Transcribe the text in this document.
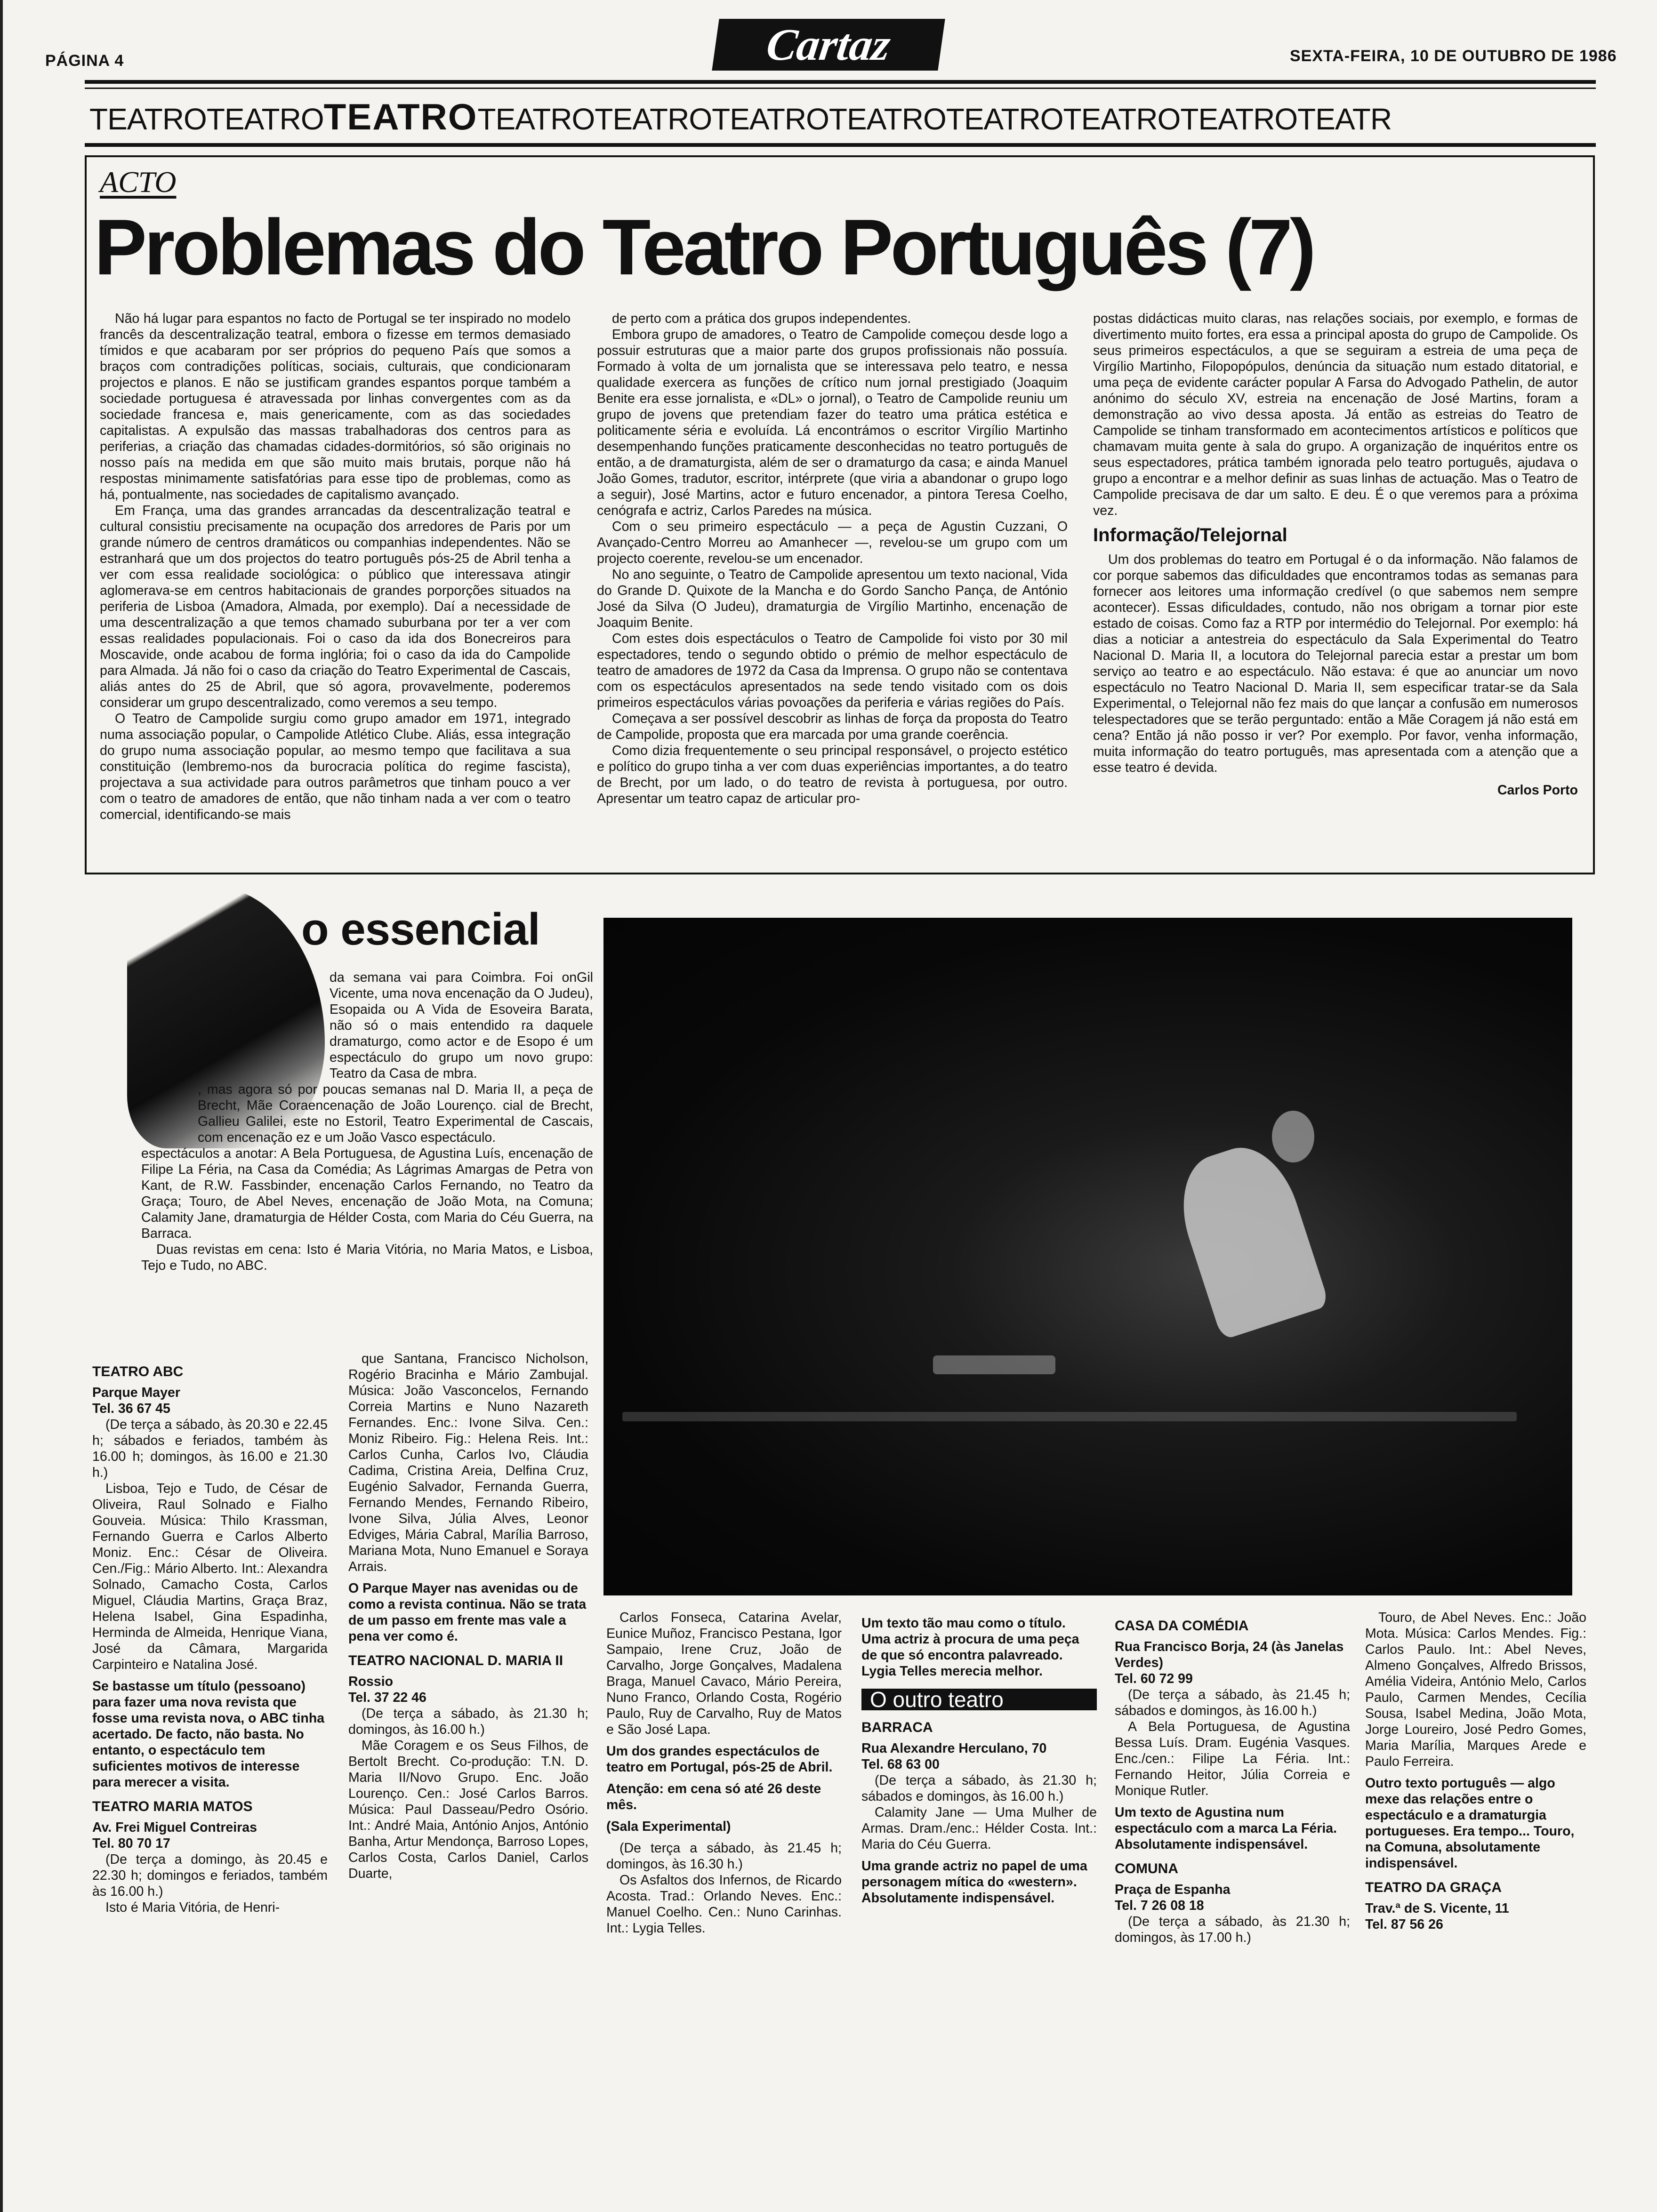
PÁGINA 4	Cartaz	SEXTA-FEIRA, 10 DE OUTUBRO DE 1986
TEATROTEATROTEATROTEATROTEATROTEATROTEATROTEATROTEATROTEATROTEATR
ACTO
Problemas do Teatro Português (7)

Não há lugar para espantos no facto de Portugal se ter inspirado no modelo francês da descentralização teatral, embora o fizesse em termos demasiado tímidos e que acabaram por ser próprios do pequeno País que somos a braços com contradições políticas, sociais, culturais, que condicionaram projectos e planos. E não se justificam grandes espantos porque também a sociedade portuguesa é atravessada por linhas convergentes com as da sociedade francesa e, mais genericamente, com as das sociedades capitalistas. A expulsão das massas trabalhadoras dos centros para as periferias, a criação das chamadas cidades-dormitórios, só são originais no nosso país na medida em que são muito mais brutais, porque não há respostas minimamente satisfatórias para esse tipo de problemas, como as há, pontualmente, nas sociedades de capitalismo avançado.

Em França, uma das grandes arrancadas da descentralização teatral e cultural consistiu precisamente na ocupação dos arredores de Paris por um grande número de centros dramáticos ou companhias independentes. Não se estranhará que um dos projectos do teatro português pós-25 de Abril tenha a ver com essa realidade sociológica: o público que interessava atingir aglomerava-se em centros habitacionais de grandes porporções situados na periferia de Lisboa (Amadora, Almada, por exemplo). Daí a necessidade de uma descentralização a que temos chamado suburbana por ter a ver com essas realidades populacionais. Foi o caso da ida dos Bonecreiros para Moscavide, onde acabou de forma inglória; foi o caso da ida do Campolide para Almada. Já não foi o caso da criação do Teatro Experimental de Cascais, aliás antes do 25 de Abril, que só agora, provavelmente, poderemos considerar um grupo descentralizado, como veremos a seu tempo.

O Teatro de Campolide surgiu como grupo amador em 1971, integrado numa associação popular, o Campolide Atlético Clube. Aliás, essa integração do grupo numa associação popular, ao mesmo tempo que facilitava a sua constituição (lembremo-nos da burocracia política do regime fascista), projectava a sua actividade para outros parâmetros que tinham pouco a ver com o teatro de amadores de então, que não tinham nada a ver com o teatro comercial, identificando-se mais

de perto com a prática dos grupos independentes.

Embora grupo de amadores, o Teatro de Campolide começou desde logo a possuir estruturas que a maior parte dos grupos profissionais não possuía. Formado à volta de um jornalista que se interessava pelo teatro, e nessa qualidade exercera as funções de crítico num jornal prestigiado (Joaquim Benite era esse jornalista, e «DL» o jornal), o Teatro de Campolide reuniu um grupo de jovens que pretendiam fazer do teatro uma prática estética e politicamente séria e evoluída. Lá encontrámos o escritor Virgílio Martinho desempenhando funções praticamente desconhecidas no teatro português de então, a de dramaturgista, além de ser o dramaturgo da casa; e ainda Manuel João Gomes, tradutor, escritor, intérprete (que viria a abandonar o grupo logo a seguir), José Martins, actor e futuro encenador, a pintora Teresa Coelho, cenógrafa e actriz, Carlos Paredes na música.

Com o seu primeiro espectáculo — a peça de Agustin Cuzzani, O Avançado-Centro Morreu ao Amanhecer —, revelou-se um grupo com um projecto coerente, revelou-se um encenador.

No ano seguinte, o Teatro de Campolide apresentou um texto nacional, Vida do Grande D. Quixote de la Mancha e do Gordo Sancho Pança, de António José da Silva (O Judeu), dramaturgia de Virgílio Martinho, encenação de Joaquim Benite.

Com estes dois espectáculos o Teatro de Campolide foi visto por 30 mil espectadores, tendo o segundo obtido o prémio de melhor espectáculo de teatro de amadores de 1972 da Casa da Imprensa. O grupo não se contentava com os espectáculos apresentados na sede tendo visitado com os dois primeiros espectáculos várias povoações da periferia e várias regiões do País.

Começava a ser possível descobrir as linhas de força da proposta do Teatro de Campolide, proposta que era marcada por uma grande coerência.

Como dizia frequentemente o seu principal responsável, o projecto estético e político do grupo tinha a ver com duas experiências importantes, a do teatro de Brecht, por um lado, o do teatro de revista à portuguesa, por outro. Apresentar um teatro capaz de articular pro-

postas didácticas muito claras, nas relações sociais, por exemplo, e formas de divertimento muito fortes, era essa a principal aposta do grupo de Campolide. Os seus primeiros espectáculos, a que se seguiram a estreia de uma peça de Virgílio Martinho, Filopopópulos, denúncia da situação num estado ditatorial, e uma peça de evidente carácter popular A Farsa do Advogado Pathelin, de autor anónimo do século XV, estreia na encenação de José Martins, foram a demonstração ao vivo dessa aposta. Já então as estreias do Teatro de Campolide se tinham transformado em acontecimentos artísticos e políticos que chamavam muita gente à sala do grupo. A organização de inquéritos entre os seus espectadores, prática também ignorada pelo teatro português, ajudava o grupo a encontrar e a melhor definir as suas linhas de actuação. Mas o Teatro de Campolide precisava de dar um salto. E deu. É o que veremos para a próxima vez.

Informação/Telejornal

Um dos problemas do teatro em Portugal é o da informação. Não falamos de cor porque sabemos das dificuldades que encontramos todas as semanas para fornecer aos leitores uma informação credível (o que sabemos nem sempre acontecer). Essas dificuldades, contudo, não nos obrigam a tornar pior este estado de coisas. Como faz a RTP por intermédio do Telejornal. Por exemplo: há dias a noticiar a antestreia do espectáculo da Sala Experimental do Teatro Nacional D. Maria II, a locutora do Telejornal parecia estar a prestar um bom serviço ao teatro e ao espectáculo. Não estava: é que ao anunciar um novo espectáculo no Teatro Nacional D. Maria II, sem especificar tratar-se da Sala Experimental, o Telejornal não fez mais do que lançar a confusão em numerosos telespectadores que se terão perguntado: então a Mãe Coragem já não está em cena? Então já não posso ir ver? Por exemplo. Por favor, venha informação, muita informação do teatro português, mas apresentada com a atenção que a esse teatro é devida.

Carlos Porto
o essencial

da semana vai para Coimbra. Foi onGil Vicente, uma nova encenação da O Judeu), Esopaida ou A Vida de Esoveira Barata, não só o mais entendido ra daquele dramaturgo, como actor e de Esopo é um espectáculo do grupo um novo grupo: Teatro da Casa de mbra.

, mas agora só por poucas semanas nal D. Maria II, a peça de Brecht, Mãe Coraencenação de João Lourenço. cial de Brecht, Gallieu Galilei, este no Estoril, Teatro Experimental de Cascais, com encenação ez e um João Vasco espectáculo.

espectáculos a anotar: A Bela Portuguesa, de Agustina Luís, encenação de Filipe La Féria, na Casa da Comédia; As Lágrimas Amargas de Petra von Kant, de R.W. Fassbinder, encenação Carlos Fernando, no Teatro da Graça; Touro, de Abel Neves, encenação de João Mota, na Comuna; Calamity Jane, dramaturgia de Hélder Costa, com Maria do Céu Guerra, na Barraca.

Duas revistas em cena: Isto é Maria Vitória, no Maria Matos, e Lisboa, Tejo e Tudo, no ABC.

TEATRO ABC
Parque Mayer
Tel. 36 67 45
(De terça a sábado, às 20.30 e 22.45 h; sábados e feriados, também às 16.00 h; domingos, às 16.00 e 21.30 h.)
Lisboa, Tejo e Tudo, de César de Oliveira, Raul Solnado e Fialho Gouveia. Música: Thilo Krassman, Fernando Guerra e Carlos Alberto Moniz. Enc.: César de Oliveira. Cen./Fig.: Mário Alberto. Int.: Alexandra Solnado, Camacho Costa, Carlos Miguel, Cláudia Martins, Graça Braz, Helena Isabel, Gina Espadinha, Herminda de Almeida, Henrique Viana, José da Câmara, Margarida Carpinteiro e Natalina José.
Se bastasse um título (pessoano) para fazer uma nova revista que fosse uma revista nova, o ABC tinha acertado. De facto, não basta. No entanto, o espectáculo tem suficientes motivos de interesse para merecer a visita.
TEATRO MARIA MATOS
Av. Frei Miguel Contreiras
Tel. 80 70 17
(De terça a domingo, às 20.45 e 22.30 h; domingos e feriados, também às 16.00 h.)
Isto é Maria Vitória, de Henri-
que Santana, Francisco Nicholson, Rogério Bracinha e Mário Zambujal. Música: João Vasconcelos, Fernando Correia Martins e Nuno Nazareth Fernandes. Enc.: Ivone Silva. Cen.: Moniz Ribeiro. Fig.: Helena Reis. Int.: Carlos Cunha, Carlos Ivo, Cláudia Cadima, Cristina Areia, Delfina Cruz, Eugénio Salvador, Fernanda Guerra, Fernando Mendes, Fernando Ribeiro, Ivone Silva, Júlia Alves, Leonor Edviges, Mária Cabral, Marília Barroso, Mariana Mota, Nuno Emanuel e Soraya Arrais.
O Parque Mayer nas avenidas ou de como a revista continua. Não se trata de um passo em frente mas vale a pena ver como é.
TEATRO NACIONAL D. MARIA II
Rossio
Tel. 37 22 46
(De terça a sábado, às 21.30 h; domingos, às 16.00 h.)
Mãe Coragem e os Seus Filhos, de Bertolt Brecht. Co-produção: T.N. D. Maria II/Novo Grupo. Enc. João Lourenço. Cen.: José Carlos Barros. Música: Paul Dasseau/Pedro Osório. Int.: André Maia, António Anjos, António Banha, Artur Mendonça, Barroso Lopes, Carlos Costa, Carlos Daniel, Carlos Duarte,
Carlos Fonseca, Catarina Avelar, Eunice Muñoz, Francisco Pestana, Igor Sampaio, Irene Cruz, João de Carvalho, Jorge Gonçalves, Madalena Braga, Manuel Cavaco, Mário Pereira, Nuno Franco, Orlando Costa, Rogério Paulo, Ruy de Carvalho, Ruy de Matos e São José Lapa.
Um dos grandes espectáculos de teatro em Portugal, pós-25 de Abril.
Atenção: em cena só até 26 deste mês.
(Sala Experimental)
(De terça a sábado, às 21.45 h; domingos, às 16.30 h.)
Os Asfaltos dos Infernos, de Ricardo Acosta. Trad.: Orlando Neves. Enc.: Manuel Coelho. Cen.: Nuno Carinhas. Int.: Lygia Telles.
Um texto tão mau como o título. Uma actriz à procura de uma peça de que só encontra palavreado. Lygia Telles merecia melhor.
O outro teatro
BARRACA
Rua Alexandre Herculano, 70
Tel. 68 63 00
(De terça a sábado, às 21.30 h; sábados e domingos, às 16.00 h.)
Calamity Jane — Uma Mulher de Armas. Dram./enc.: Hélder Costa. Int.: Maria do Céu Guerra.
Uma grande actriz no papel de uma personagem mítica do «western». Absolutamente indispensável.
CASA DA COMÉDIA
Rua Francisco Borja, 24 (às Janelas Verdes)
Tel. 60 72 99
(De terça a sábado, às 21.45 h; sábados e domingos, às 16.00 h.)
A Bela Portuguesa, de Agustina Bessa Luís. Dram. Eugénia Vasques. Enc./cen.: Filipe La Féria. Int.: Fernando Heitor, Júlia Correia e Monique Rutler.
Um texto de Agustina num espectáculo com a marca La Féria. Absolutamente indispensável.
COMUNA
Praça de Espanha
Tel. 7 26 08 18
(De terça a sábado, às 21.30 h; domingos, às 17.00 h.)
Touro, de Abel Neves. Enc.: João Mota. Música: Carlos Mendes. Fig.: Carlos Paulo. Int.: Abel Neves, Almeno Gonçalves, Alfredo Brissos, Amélia Videira, António Melo, Carlos Paulo, Carmen Mendes, Cecília Sousa, Isabel Medina, João Mota, Jorge Loureiro, José Pedro Gomes, Maria Marília, Marques Arede e Paulo Ferreira.
Outro texto português — algo mexe das relações entre o espectáculo e a dramaturgia portugueses. Era tempo... Touro, na Comuna, absolutamente indispensável.
TEATRO DA GRAÇA
Trav.ª de S. Vicente, 11
Tel. 87 56 26
